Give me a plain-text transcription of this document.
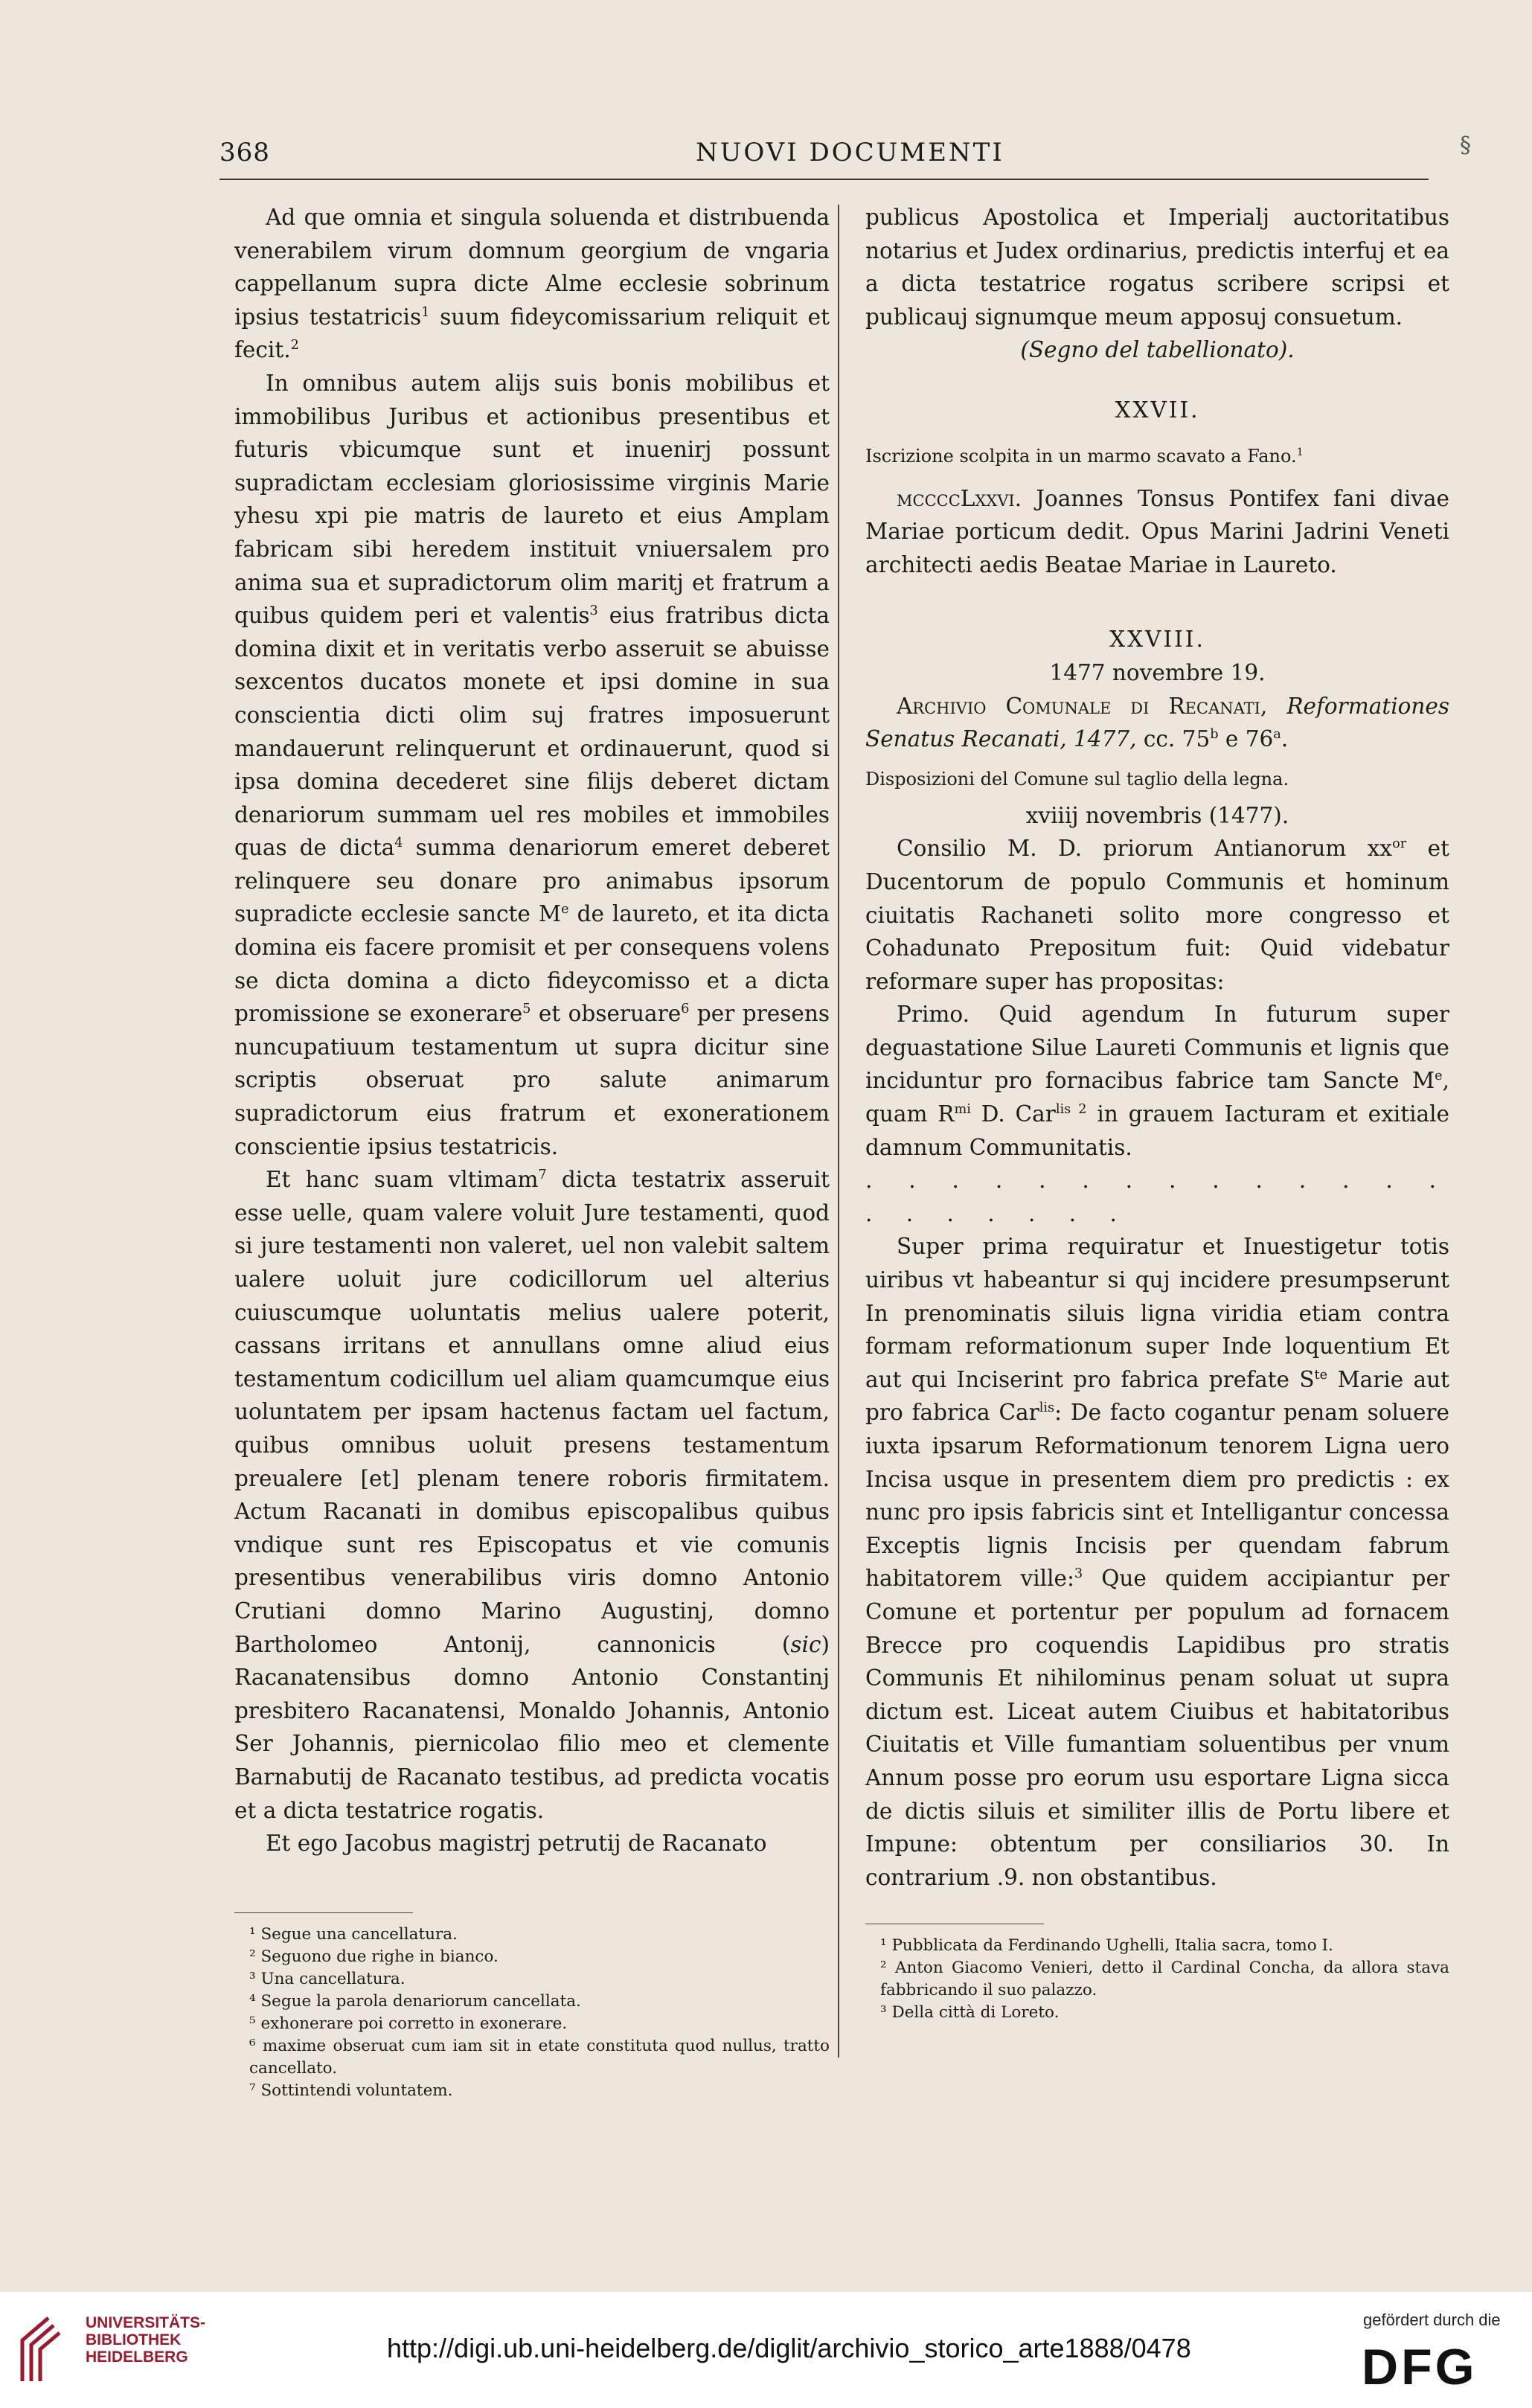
368	NUOVI DOCUMENTI	§

Ad que omnia et singula soluenda et distrıbuenda venerabilem virum domnum georgium de vngaria cappellanum supra dicte Alme ecclesie sobrinum ipsius testatricis$^1$ suum fideycomissarium reliquit et fecit.$^2$

In omnibus autem alijs suis bonis mobilibus et immobilibus Juribus et actionibus presentibus et futuris vbicumque sunt et inuenirj possunt supradictam ecclesiam gloriosissime virginis Marie yhesu xpi pie matris de laureto et eius Amplam fabricam sibi heredem instituit vniuersalem pro anima sua et supradictorum olim maritj et fratrum a quibus quidem peri et valentis$^3$ eius fratribus dicta domina dixit et in veritatis verbo asseruit se abuisse sexcentos ducatos monete et ipsi domine in sua conscientia dicti olim suj fratres imposuerunt mandauerunt relinquerunt et ordinauerunt, quod si ipsa domina decederet sine filijs deberet dictam denariorum summam uel res mobiles et immobiles quas de dicta$^4$ summa denariorum emeret deberet relinquere seu donare pro animabus ipsorum supradicte ecclesie sancte Me de laureto, et ita dicta domina eis facere promisit et per consequens volens se dicta domina a dicto fideycomisso et a dicta promissione se exonerare$^5$ et obseruare$^6$ per presens nuncupatiuum testamentum ut supra dicitur sine scriptis obseruat pro salute animarum supradictorum eius fratrum et exonerationem conscientie ipsius testatricis.

Et hanc suam vltimam$^7$ dicta testatrix asseruit esse uelle, quam valere voluit Jure testamenti, quod si jure testamenti non valeret, uel non valebit saltem ualere uoluit jure codicillorum uel alterius cuiuscumque uoluntatis melius ualere poterit, cassans irritans et annullans omne aliud eius testamentum codicillum uel aliam quamcumque eius uoluntatem per ipsam hactenus factam uel factum, quibus omnibus uoluit presens testamentum preualere [et] plenam tenere roboris firmitatem. Actum Racanati in domibus episcopalibus quibus vndique sunt res Episcopatus et vie comunis presentibus venerabilibus viris domno Antonio Crutiani domno Marino Augustinj, domno Bartholomeo Antonij, cannonicis (sic) Racanatensibus domno Antonio Constantinj presbitero Racanatensi, Monaldo Johannis, Antonio Ser Johannis, piernicolao filio meo et clemente Barnabutij de Racanato testibus, ad predicta vocatis et a dicta testatrice rogatis.

Et ego Jacobus magistrj petrutij de Racanato

¹ Segue una cancellatura.
² Seguono due righe in bianco.
³ Una cancellatura.
⁴ Segue la parola denariorum cancellata.
⁵ exhonerare poi corretto in exonerare.
⁶ maxime obseruat cum iam sit in etate constituta quod nullus, tratto cancellato.
⁷ Sottintendi voluntatem.

publicus Apostolica et Imperialj auctoritatibus notarius et Judex ordinarius, predictis interfuj et ea a dicta testatrice rogatus scribere scripsi et publicauj signumque meum apposuj consuetum.

(Segno del tabellionato).

XXVII.

Iscrizione scolpita in un marmo scavato a Fano.$^1$

mccccLxxvi. Joannes Tonsus Pontifex fani divae Mariae porticum dedit. Opus Marini Jadrini Veneti architecti aedis Beatae Mariae in Laureto.

XXVIII.

1477 novembre 19.

Archivio Comunale di Recanati, Reformationes Senatus Recanati, 1477, cc. 75$^b$ e 76$^a$.

Disposizioni del Comune sul taglio della legna.

xviiij novembris (1477).

Consilio M. D. priorum Antianorum $xx^{or}$ et Ducentorum de populo Communis et hominum ciuitatis Rachaneti solito more congresso et Cohadunato Prepositum fuit: Quid videbatur reformare super has propositas:

Primo. Quid agendum In futurum super deguastatione Silue Laureti Communis et lignis que inciduntur pro fornacibus fabrice tam Sancte Me, quam $R^{mi}$ D. Car$^{lis 2}$ in grauem Iacturam et exitiale damnum Communitatis.

. . . . . . . . . . . . . . . . . . . . .

Super prima requiratur et Inuestigetur totis uiribus vt habeantur si quj incidere presumpserunt In prenominatis siluis ligna viridia etiam contra formam reformationum super Inde loquentium Et aut qui Inciserint pro fabrica prefate $S^{te}$ Marie aut pro fabrica Car$^{lis}$: De facto cogantur penam soluere iuxta ipsarum Reformationum tenorem Ligna uero Incisa usque in presentem diem pro predictis : ex nunc pro ipsis fabricis sint et Intelligantur concessa Exceptis lignis Incisis per quendam fabrum habitatorem ville:$^3$ Que quidem accipiantur per Comune et portentur per populum ad fornacem Brecce pro coquendis Lapidibus pro stratis Communis Et nihilominus penam soluat ut supra dictum est. Liceat autem Ciuibus et habitatoribus Ciuitatis et Ville fumantiam soluentibus per vnum Annum posse pro eorum usu esportare Ligna sicca de dictis siluis et similiter illis de Portu libere et Impune: obtentum per consiliarios 30. In contrarium .9. non obstantibus.

¹ Pubblicata da Ferdinando Ughelli, Italia sacra, tomo I.
² Anton Giacomo Venieri, detto il Cardinal Concha, da allora stava fabbricando il suo palazzo.
³ Della città di Loreto.
UNIVERSITÄTS-
BIBLIOTHEK
HEIDELBERG	http://digi.ub.uni-heidelberg.de/diglit/archivio_storico_arte1888/0478
gefördert durch die
DFG
